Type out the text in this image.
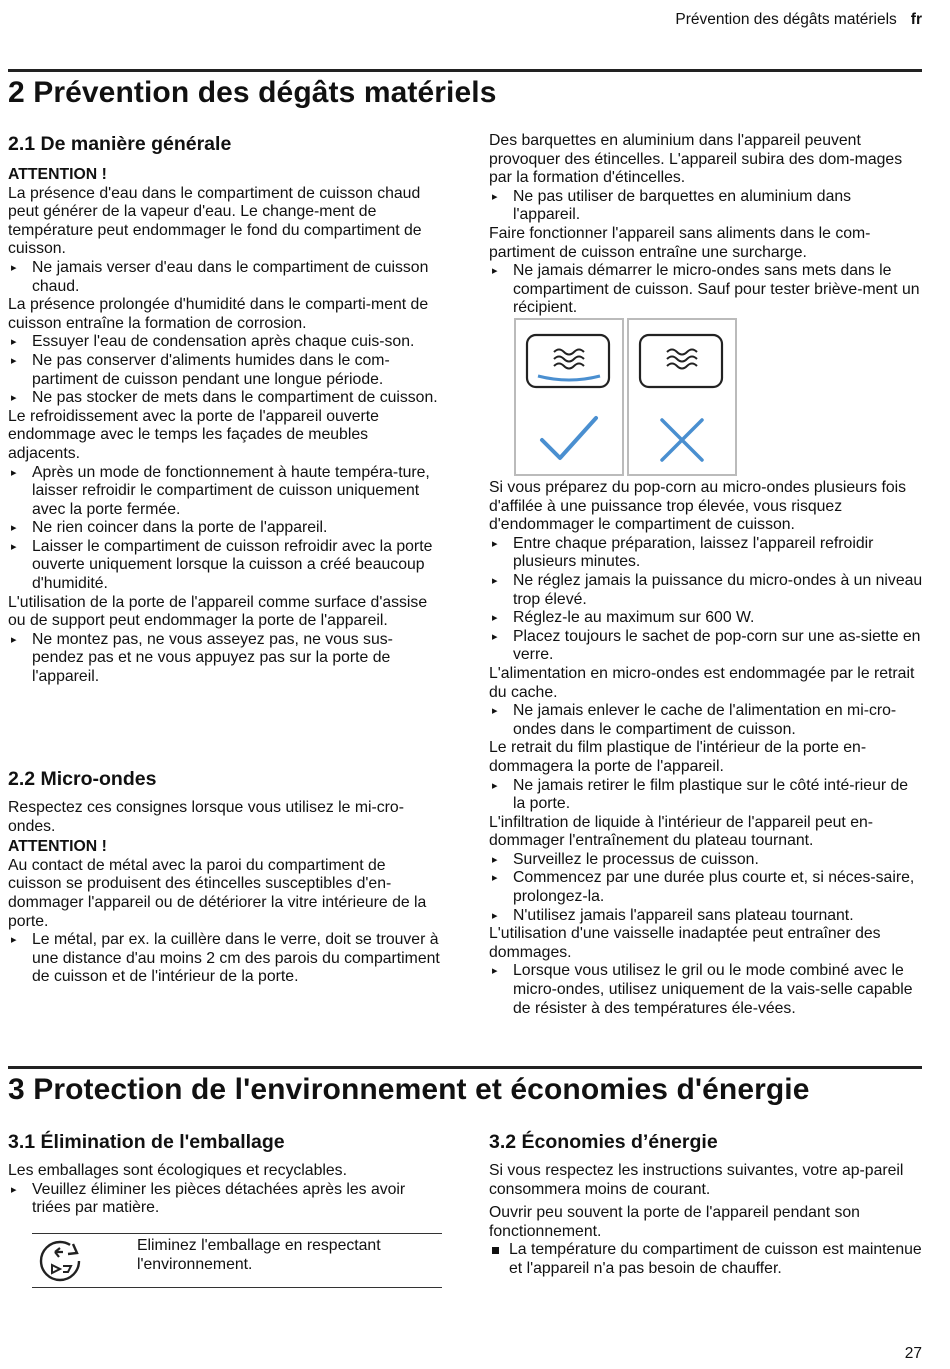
Prévention des dégâts matériels fr
2 Prévention des dégâts matériels
2.1 De manière générale

ATTENTION !

La présence d'eau dans le compartiment de cuisson chaud peut générer de la vapeur d'eau. Le change-ment de température peut endommager le fond du compartiment de cuisson.

▸ Ne jamais verser d'eau dans le compartiment de cuisson chaud.

La présence prolongée d'humidité dans le comparti-ment de cuisson entraîne la formation de corrosion.

▸ Essuyer l'eau de condensation après chaque cuis-son.

▸ Ne pas conserver d'aliments humides dans le com-partiment de cuisson pendant une longue période.

▸ Ne pas stocker de mets dans le compartiment de cuisson.

Le refroidissement avec la porte de l'appareil ouverte endommage avec le temps les façades de meubles adjacents.

▸ Après un mode de fonctionnement à haute tempéra-ture, laisser refroidir le compartiment de cuisson uniquement avec la porte fermée.

▸ Ne rien coincer dans la porte de l'appareil.

▸ Laisser le compartiment de cuisson refroidir avec la porte ouverte uniquement lorsque la cuisson a créé beaucoup d'humidité.

L'utilisation de la porte de l'appareil comme surface d'assise ou de support peut endommager la porte de l'appareil.

▸ Ne montez pas, ne vous asseyez pas, ne vous sus-pendez pas et ne vous appuyez pas sur la porte de l'appareil.

2.2 Micro-ondes

Respectez ces consignes lorsque vous utilisez le mi-cro-ondes.

ATTENTION !

Au contact de métal avec la paroi du compartiment de cuisson se produisent des étincelles susceptibles d'en-dommager l'appareil ou de détériorer la vitre intérieure de la porte.

▸ Le métal, par ex. la cuillère dans le verre, doit se trouver à une distance d'au moins 2 cm des parois du compartiment de cuisson et de l'intérieur de la porte.

Des barquettes en aluminium dans l'appareil peuvent provoquer des étincelles. L'appareil subira des dom-mages par la formation d'étincelles.

▸ Ne pas utiliser de barquettes en aluminium dans l'appareil.

Faire fonctionner l'appareil sans aliments dans le com-partiment de cuisson entraîne une surcharge.

▸ Ne jamais démarrer le micro-ondes sans mets dans le compartiment de cuisson. Sauf pour tester briève-ment un récipient.

Si vous préparez du pop-corn au micro-ondes plusieurs fois d'affilée à une puissance trop élevée, vous risquez d'endommager le compartiment de cuisson.

▸ Entre chaque préparation, laissez l'appareil refroidir plusieurs minutes.

▸ Ne réglez jamais la puissance du micro-ondes à un niveau trop élevé.

▸ Réglez-le au maximum sur 600 W.

▸ Placez toujours le sachet de pop-corn sur une as-siette en verre.

L'alimentation en micro-ondes est endommagée par le retrait du cache.

▸ Ne jamais enlever le cache de l'alimentation en mi-cro-ondes dans le compartiment de cuisson.

Le retrait du film plastique de l'intérieur de la porte en-dommagera la porte de l'appareil.

▸ Ne jamais retirer le film plastique sur le côté inté-rieur de la porte.

L'infiltration de liquide à l'intérieur de l'appareil peut en-dommager l'entraînement du plateau tournant.

▸ Surveillez le processus de cuisson.

▸ Commencez par une durée plus courte et, si néces-saire, prolongez-la.

▸ N'utilisez jamais l'appareil sans plateau tournant.

L'utilisation d'une vaisselle inadaptée peut entraîner des dommages.

▸ Lorsque vous utilisez le gril ou le mode combiné avec le micro-ondes, utilisez uniquement de la vais-selle capable de résister à des températures éle-vées.

3 Protection de l'environnement et économies d'énergie
3.1 Élimination de l'emballage

Les emballages sont écologiques et recyclables.

▸ Veuillez éliminer les pièces détachées après les avoir triées par matière.

Eliminez l'emballage en respectant l'environnement.
3.2 Économies d’énergie

Si vous respectez les instructions suivantes, votre ap-pareil consommera moins de courant.

Ouvrir peu souvent la porte de l'appareil pendant son fonctionnement.

La température du compartiment de cuisson est maintenue et l'appareil n'a pas besoin de chauffer.

27
